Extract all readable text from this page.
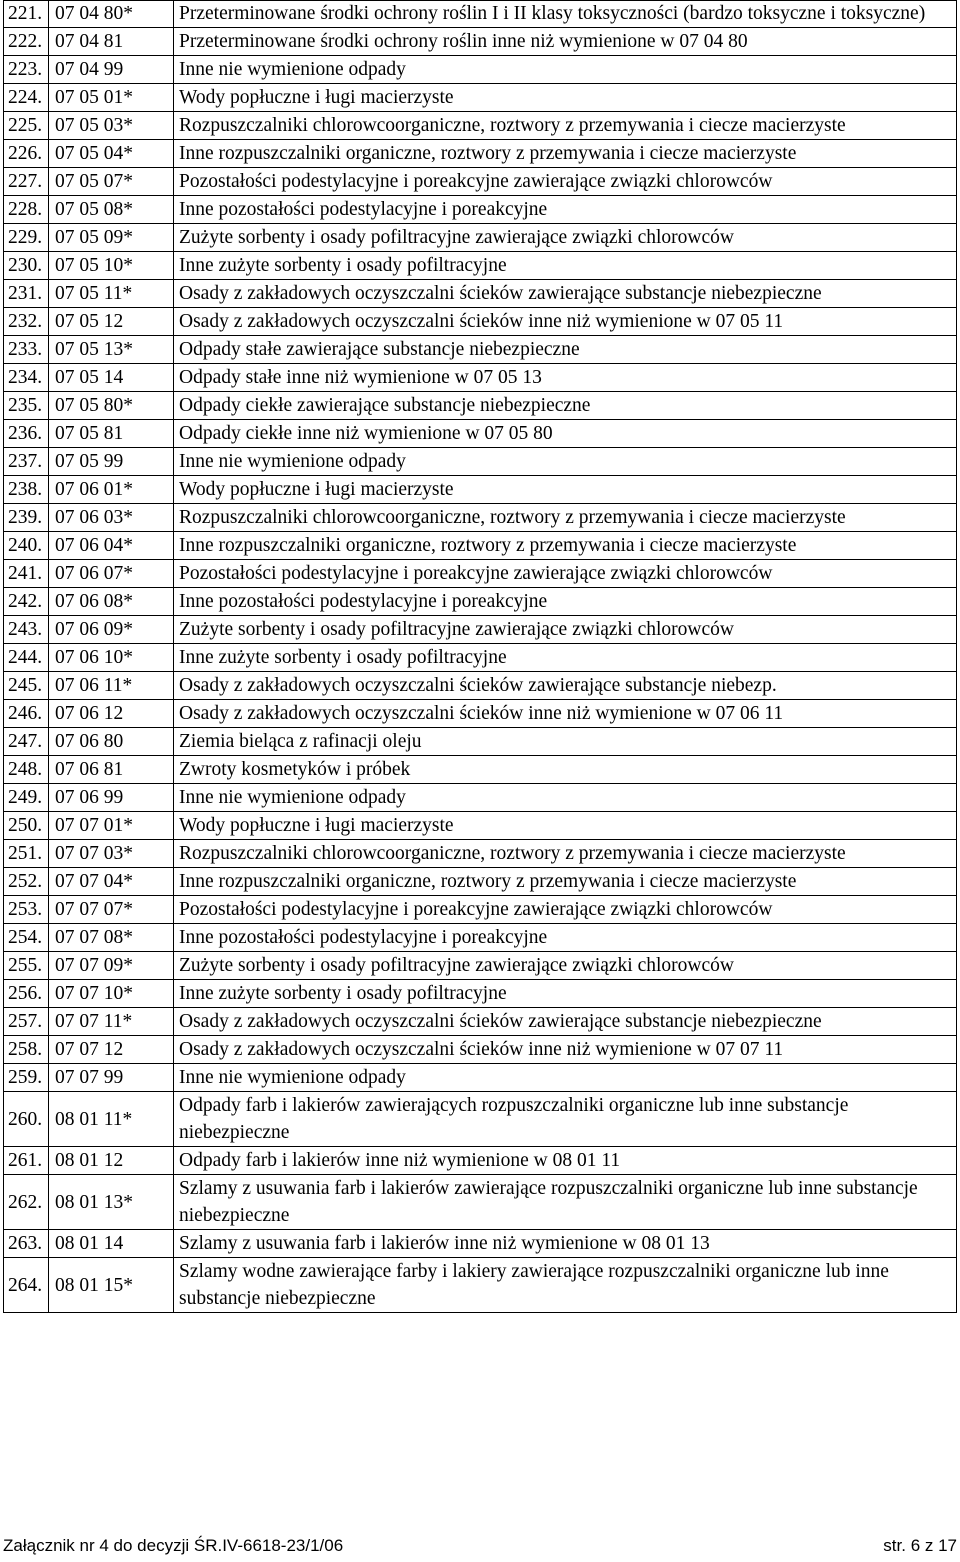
221.	07 04 80*	Przeterminowane środki ochrony roślin I i II klasy toksyczności (bardzo toksyczne i toksyczne)
222.	07 04 81	Przeterminowane środki ochrony roślin inne niż wymienione w 07 04 80
223.	07 04 99	Inne nie wymienione odpady
224.	07 05 01*	Wody popłuczne i ługi macierzyste
225.	07 05 03*	Rozpuszczalniki chlorowcoorganiczne, roztwory z przemywania i ciecze macierzyste
226.	07 05 04*	Inne rozpuszczalniki organiczne, roztwory z przemywania i ciecze macierzyste
227.	07 05 07*	Pozostałości podestylacyjne i poreakcyjne zawierające związki chlorowców
228.	07 05 08*	Inne pozostałości podestylacyjne i poreakcyjne
229.	07 05 09*	Zużyte sorbenty i osady pofiltracyjne zawierające związki chlorowców
230.	07 05 10*	Inne zużyte sorbenty i osady pofiltracyjne
231.	07 05 11*	Osady z zakładowych oczyszczalni ścieków zawierające substancje niebezpieczne
232.	07 05 12	Osady z zakładowych oczyszczalni ścieków inne niż wymienione w 07 05 11
233.	07 05 13*	Odpady stałe zawierające substancje niebezpieczne
234.	07 05 14	Odpady stałe inne niż wymienione w 07 05 13
235.	07 05 80*	Odpady ciekłe zawierające substancje niebezpieczne
236.	07 05 81	Odpady ciekłe inne niż wymienione w 07 05 80
237.	07 05 99	Inne nie wymienione odpady
238.	07 06 01*	Wody popłuczne i ługi macierzyste
239.	07 06 03*	Rozpuszczalniki chlorowcoorganiczne, roztwory z przemywania i ciecze macierzyste
240.	07 06 04*	Inne rozpuszczalniki organiczne, roztwory z przemywania i ciecze macierzyste
241.	07 06 07*	Pozostałości podestylacyjne i poreakcyjne zawierające związki chlorowców
242.	07 06 08*	Inne pozostałości podestylacyjne i poreakcyjne
243.	07 06 09*	Zużyte sorbenty i osady pofiltracyjne zawierające związki chlorowców
244.	07 06 10*	Inne zużyte sorbenty i osady pofiltracyjne
245.	07 06 11*	Osady z zakładowych oczyszczalni ścieków zawierające substancje niebezp.
246.	07 06 12	Osady z zakładowych oczyszczalni ścieków inne niż wymienione w 07 06 11
247.	07 06 80	Ziemia bieląca z rafinacji oleju
248.	07 06 81	Zwroty kosmetyków i próbek
249.	07 06 99	Inne nie wymienione odpady
250.	07 07 01*	Wody popłuczne i ługi macierzyste
251.	07 07 03*	Rozpuszczalniki chlorowcoorganiczne, roztwory z przemywania i ciecze macierzyste
252.	07 07 04*	Inne rozpuszczalniki organiczne, roztwory z przemywania i ciecze macierzyste
253.	07 07 07*	Pozostałości podestylacyjne i poreakcyjne zawierające związki chlorowców
254.	07 07 08*	Inne pozostałości podestylacyjne i poreakcyjne
255.	07 07 09*	Zużyte sorbenty i osady pofiltracyjne zawierające związki chlorowców
256.	07 07 10*	Inne zużyte sorbenty i osady pofiltracyjne
257.	07 07 11*	Osady z zakładowych oczyszczalni ścieków zawierające substancje niebezpieczne
258.	07 07 12	Osady z zakładowych oczyszczalni ścieków inne niż wymienione w 07 07 11
259.	07 07 99	Inne nie wymienione odpady
260.	08 01 11*	Odpady farb i lakierów zawierających rozpuszczalniki organiczne lub inne substancje niebezpieczne
261.	08 01 12	Odpady farb i lakierów inne niż wymienione w 08 01 11
262.	08 01 13*	Szlamy z usuwania farb i lakierów zawierające rozpuszczalniki organiczne lub inne substancje niebezpieczne
263.	08 01 14	Szlamy z usuwania farb i lakierów inne niż wymienione w 08 01 13
264.	08 01 15*	Szlamy wodne zawierające farby i lakiery zawierające rozpuszczalniki organiczne lub inne substancje niebezpieczne
Załącznik nr 4 do decyzji ŚR.IV-6618-23/1/06	str. 6 z 17
